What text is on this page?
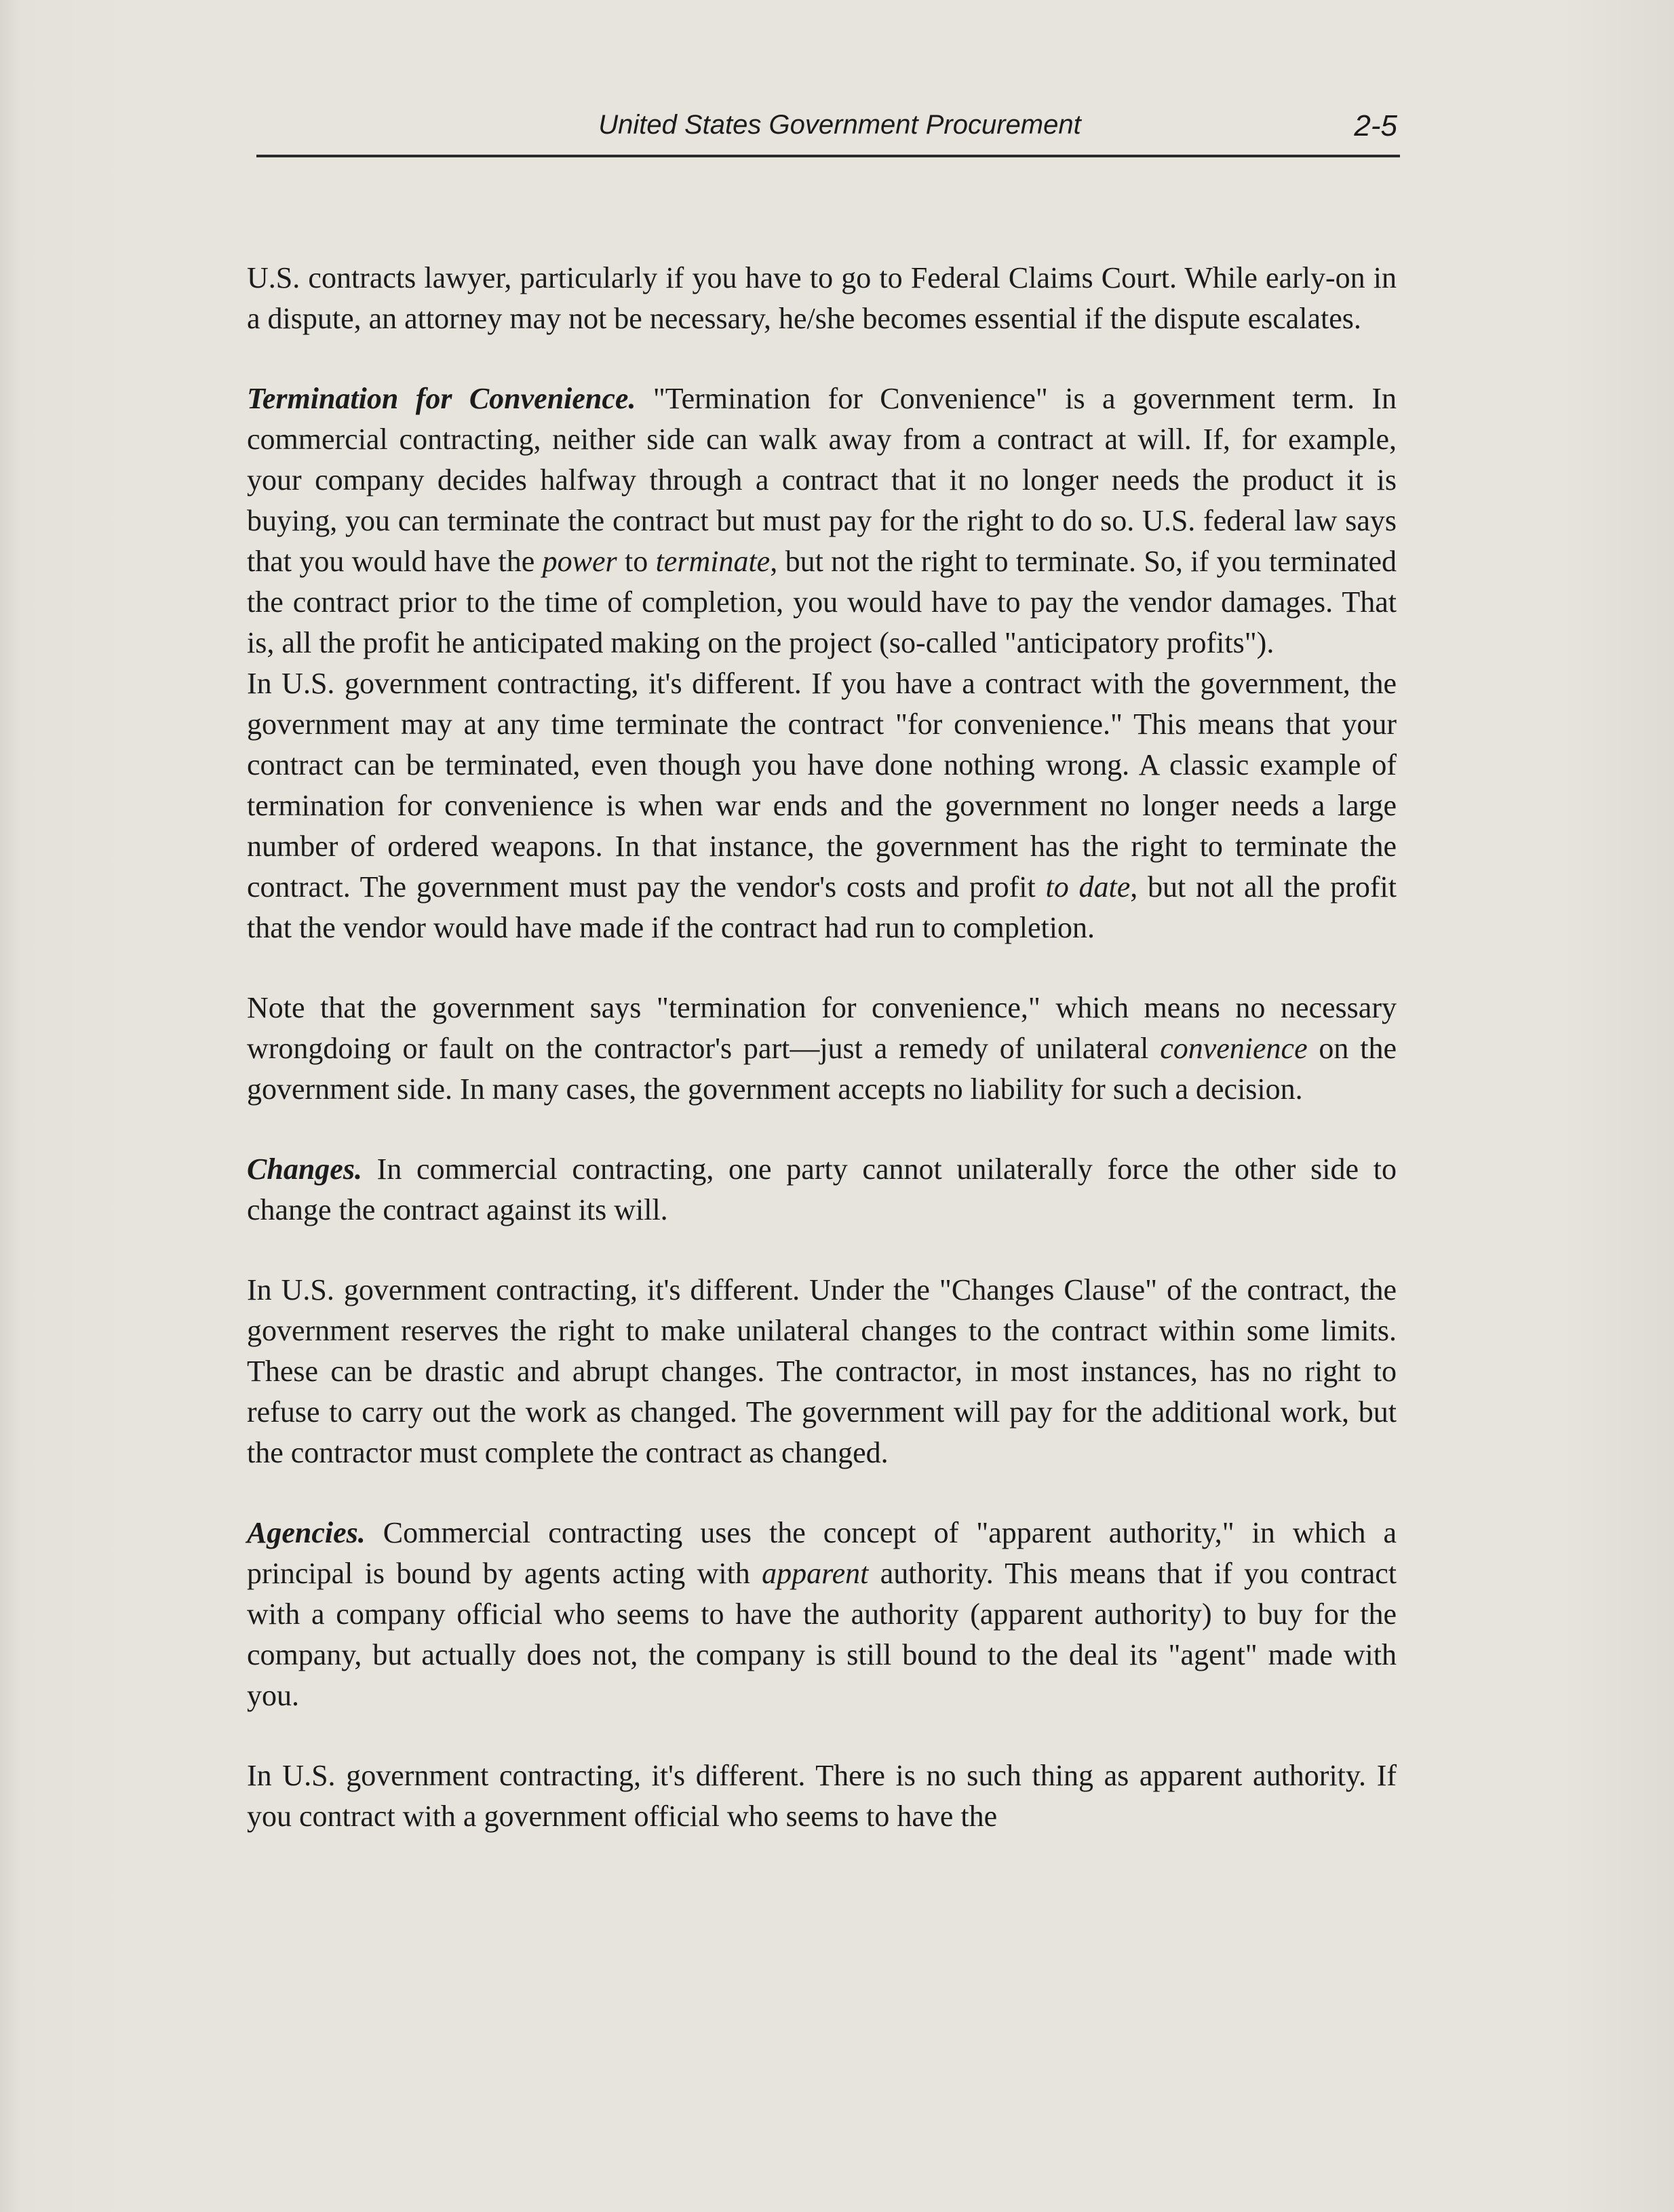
United States Government Procurement	2-5

U.S. contracts lawyer, particularly if you have to go to Federal Claims Court. While early-on in a dispute, an attorney may not be necessary, he/she becomes essential if the dispute escalates.

Termination for Convenience. "Termination for Convenience" is a government term. In commercial contracting, neither side can walk away from a contract at will. If, for example, your company decides halfway through a contract that it no longer needs the product it is buying, you can terminate the contract but must pay for the right to do so. U.S. federal law says that you would have the power to terminate, but not the right to terminate. So, if you terminated the contract prior to the time of completion, you would have to pay the vendor damages. That is, all the profit he anticipated making on the project (so-called "anticipatory profits").

In U.S. government contracting, it's different. If you have a contract with the government, the government may at any time terminate the contract "for convenience." This means that your contract can be terminated, even though you have done nothing wrong. A classic example of termination for convenience is when war ends and the government no longer needs a large number of ordered weapons. In that instance, the government has the right to terminate the contract. The government must pay the vendor's costs and profit to date, but not all the profit that the vendor would have made if the contract had run to completion.

Note that the government says "termination for convenience," which means no necessary wrongdoing or fault on the contractor's part—just a remedy of unilateral convenience on the government side. In many cases, the government accepts no liability for such a decision.

Changes. In commercial contracting, one party cannot unilaterally force the other side to change the contract against its will.

In U.S. government contracting, it's different. Under the "Changes Clause" of the contract, the government reserves the right to make unilateral changes to the contract within some limits. These can be drastic and abrupt changes. The contractor, in most instances, has no right to refuse to carry out the work as changed. The government will pay for the additional work, but the contractor must complete the contract as changed.

Agencies. Commercial contracting uses the concept of "apparent authority," in which a principal is bound by agents acting with apparent authority. This means that if you contract with a company official who seems to have the authority (apparent authority) to buy for the company, but actually does not, the company is still bound to the deal its "agent" made with you.

In U.S. government contracting, it's different. There is no such thing as apparent authority. If you contract with a government official who seems to have the
